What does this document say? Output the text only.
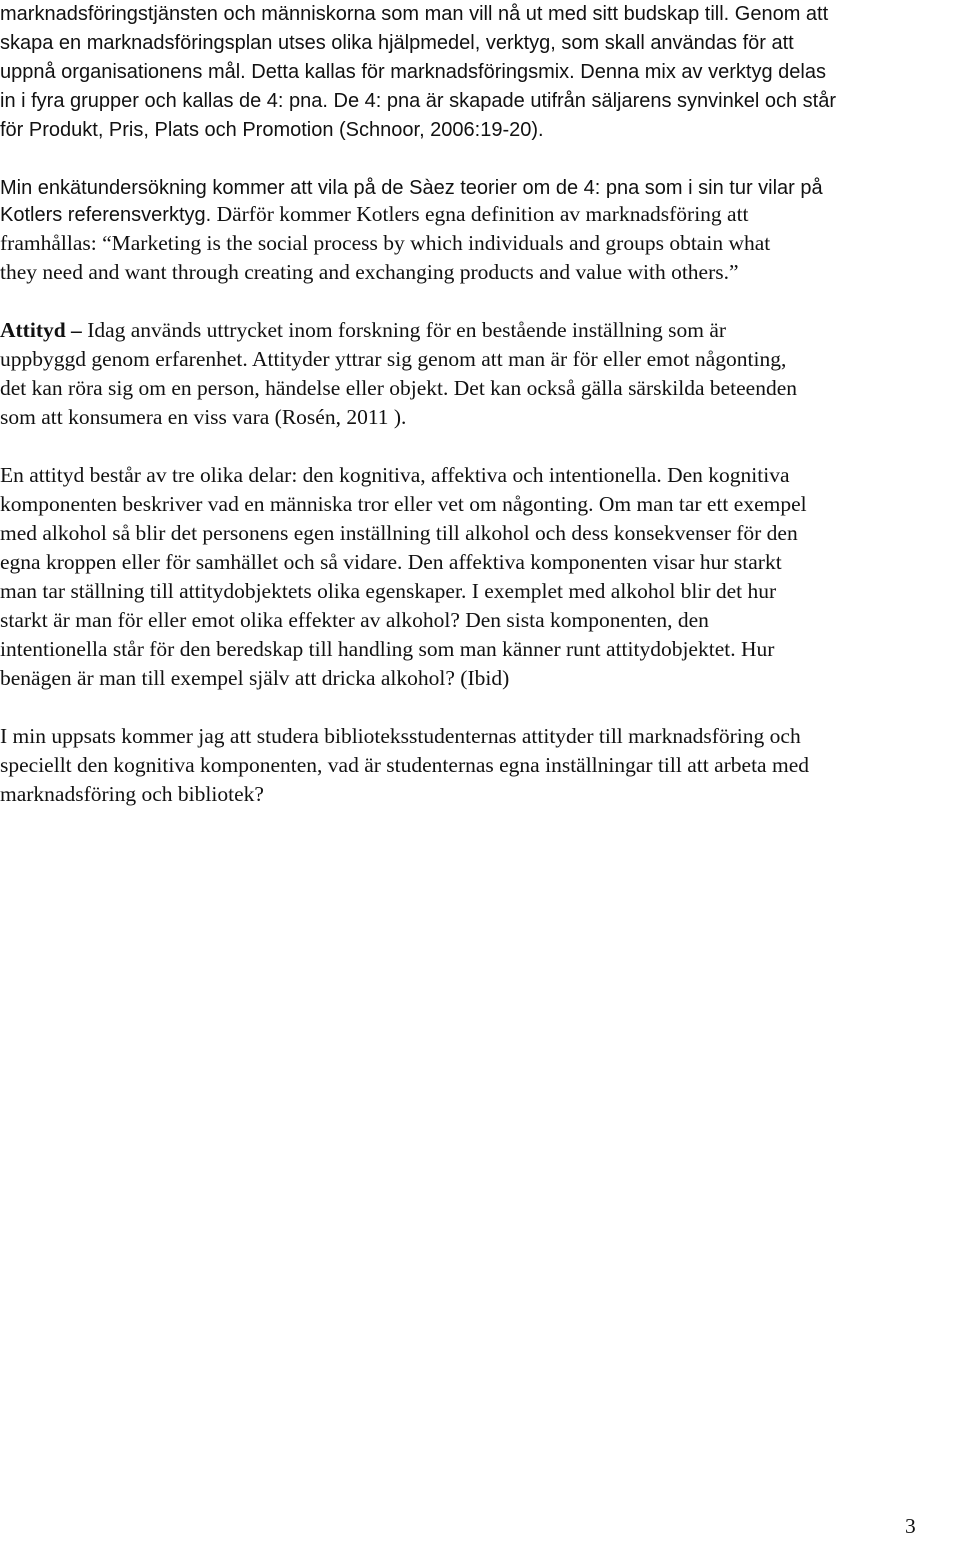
marknadsföringstjänsten och människorna som man vill nå ut med sitt budskap till. Genom att
skapa en marknadsföringsplan utses olika hjälpmedel, verktyg, som skall användas för att
uppnå organisationens mål. Detta kallas för marknadsföringsmix. Denna mix av verktyg delas
in i fyra grupper och kallas de 4: pna. De 4: pna är skapade utifrån säljarens synvinkel och står
för Produkt, Pris, Plats och Promotion (Schnoor, 2006:19-20).
Min enkätundersökning kommer att vila på de Sàez teorier om de 4: pna som i sin tur vilar på
Kotlers referensverktyg. Därför kommer Kotlers egna definition av marknadsföring att
framhållas: “Marketing is the social process by which individuals and groups obtain what
they need and want through creating and exchanging products and value with others.”
Attityd – Idag används uttrycket inom forskning för en bestående inställning som är
uppbyggd genom erfarenhet. Attityder yttrar sig genom att man är för eller emot någonting,
det kan röra sig om en person, händelse eller objekt. Det kan också gälla särskilda beteenden
som att konsumera en viss vara (Rosén, 2011 ).
En attityd består av tre olika delar: den kognitiva, affektiva och intentionella. Den kognitiva
komponenten beskriver vad en människa tror eller vet om någonting. Om man tar ett exempel
med alkohol så blir det personens egen inställning till alkohol och dess konsekvenser för den
egna kroppen eller för samhället och så vidare. Den affektiva komponenten visar hur starkt
man tar ställning till attitydobjektets olika egenskaper. I exemplet med alkohol blir det hur
starkt är man för eller emot olika effekter av alkohol? Den sista komponenten, den
intentionella står för den beredskap till handling som man känner runt attitydobjektet. Hur
benägen är man till exempel själv att dricka alkohol? (Ibid)
I min uppsats kommer jag att studera biblioteksstudenternas attityder till marknadsföring och
speciellt den kognitiva komponenten, vad är studenternas egna inställningar till att arbeta med
marknadsföring och bibliotek?
3
